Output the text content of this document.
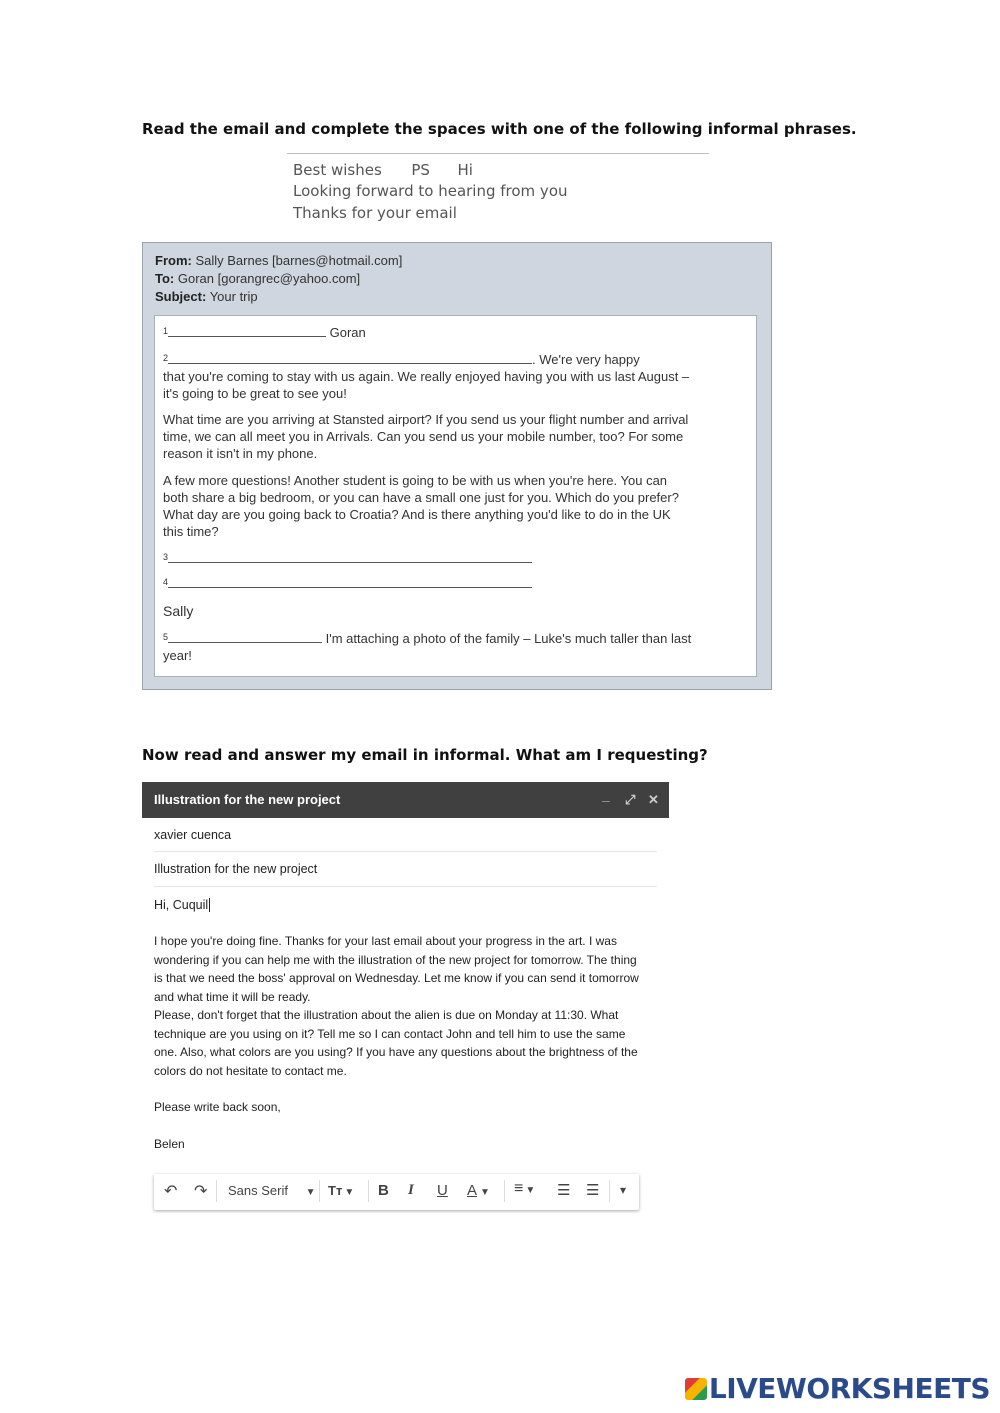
Read the email and complete the spaces with one of the following informal phrases.
Best wishes PS Hi
Looking forward to hearing from you
Thanks for your email
From: Sally Barnes [barnes@hotmail.com]
To: Goran [gorangrec@yahoo.com]
Subject: Your trip
$^1$	Goran
$^2$	. We're very happy
that you're coming to stay with us again. We really enjoyed having you with us last August –
it's going to be great to see you!
What time are you arriving at Stansted airport? If you send us your flight number and arrival
time, we can all meet you in Arrivals. Can you send us your mobile number, too? For some
reason it isn't in my phone.
A few more questions! Another student is going to be with us when you're here. You can
both share a big bedroom, or you can have a small one just for you. Which do you prefer?
What day are you going back to Croatia? And is there anything you'd like to do in the UK
this time?
$^3$
$^4$
Sally
$^5$	I'm attaching a photo of the family – Luke's much taller than last
year!
Now read and answer my email in informal. What am I requesting?
Illustration for the new project	_ ⤢ ✕
xavier cuenca
Illustration for the new project
Hi, Cuquil
I hope you're doing fine. Thanks for your last email about your progress in the art. I was
wondering if you can help me with the illustration of the new project for tomorrow. The thing
is that we need the boss' approval on Wednesday. Let me know if you can send it tomorrow
and what time it will be ready.
Please, don't forget that the illustration about the alien is due on Monday at 11:30. What
technique are you using on it? Tell me so I can contact John and tell him to use the same
one. Also, what colors are you using? If you have any questions about the brightness of the
colors do not hesitate to contact me.
Please write back soon,
Belen
↶ ↷ Sans Serif ▼ Tт ▼ B I U A ▼ ≡ ▼ ☰ ☰ ▾
LIVEWORKSHEETS
